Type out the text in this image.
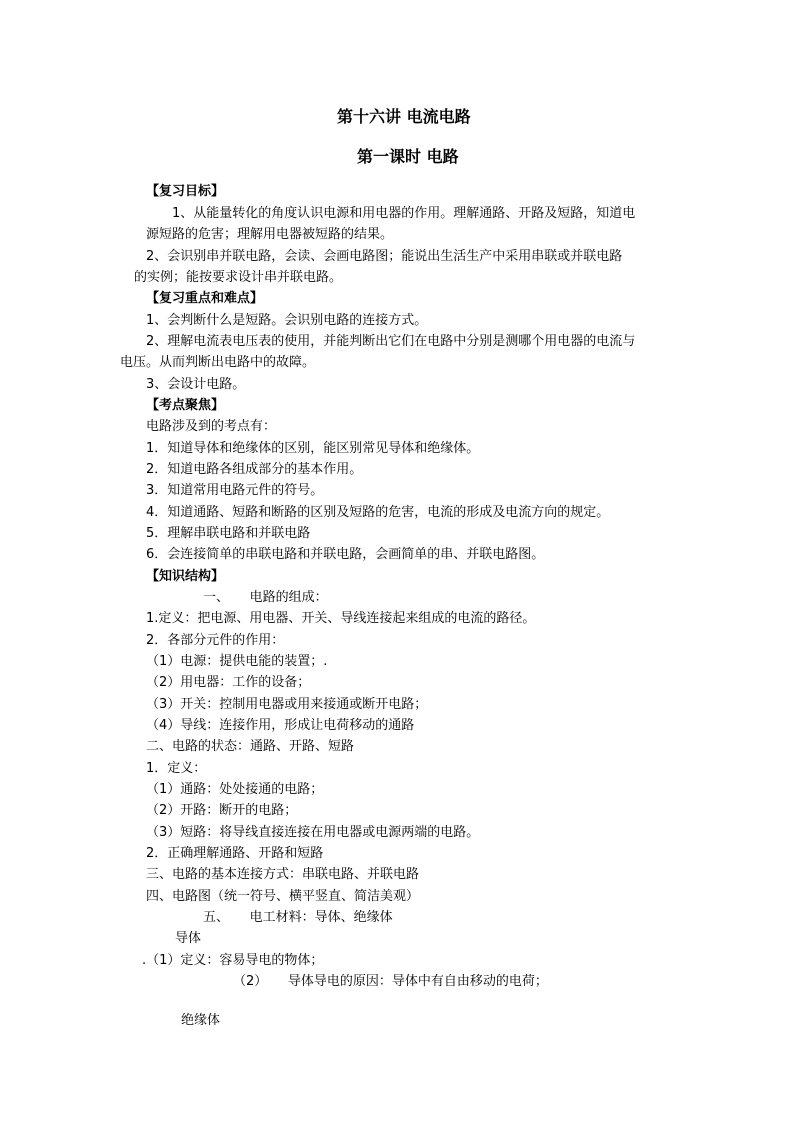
第十六讲 电流电路
第一课时 电路
【复习目标】
1、从能量转化的角度认识电源和用电器的作用。理解通路、开路及短路，知道电
源短路的危害；理解用电器被短路的结果。
2、会识别串并联电路，会读、会画电路图；能说出生活生产中采用串联或并联电路
的实例；能按要求设计串并联电路。
【复习重点和难点】
1、会判断什么是短路。会识别电路的连接方式。
2、理解电流表电压表的使用，并能判断出它们在电路中分别是测哪个用电器的电流与
电压。从而判断出电路中的故障。
3、会设计电路。
【考点聚焦】
电路涉及到的考点有：
1．知道导体和绝缘体的区别，能区别常见导体和绝缘体。
2．知道电路各组成部分的基本作用。
3．知道常用电路元件的符号。
4．知道通路、短路和断路的区别及短路的危害，电流的形成及电流方向的规定。
5．理解串联电路和并联电路
6．会连接简单的串联电路和并联电路，会画简单的串、并联电路图。
【知识结构】
一、     电路的组成：
1.定义：把电源、用电器、开关、导线连接起来组成的电流的路径。
2．各部分元件的作用：
（1）电源：提供电能的装置；.
（2）用电器：工作的设备；
（3）开关：控制用电器或用来接通或断开电路；
（4）导线：连接作用，形成让电荷移动的通路
二、电路的状态：通路、开路、短路
1．定义：
（1）通路：处处接通的电路；
（2）开路：断开的电路；
（3）短路：将导线直接连接在用电器或电源两端的电路。
2．正确理解通路、开路和短路
三、电路的基本连接方式：串联电路、并联电路
四、电路图（统一符号、横平竖直、简洁美观）
五、     电工材料：导体、绝缘体
导体
.（1）定义：容易导电的物体；
（2）     导体导电的原因：导体中有自由移动的电荷；
绝缘体
